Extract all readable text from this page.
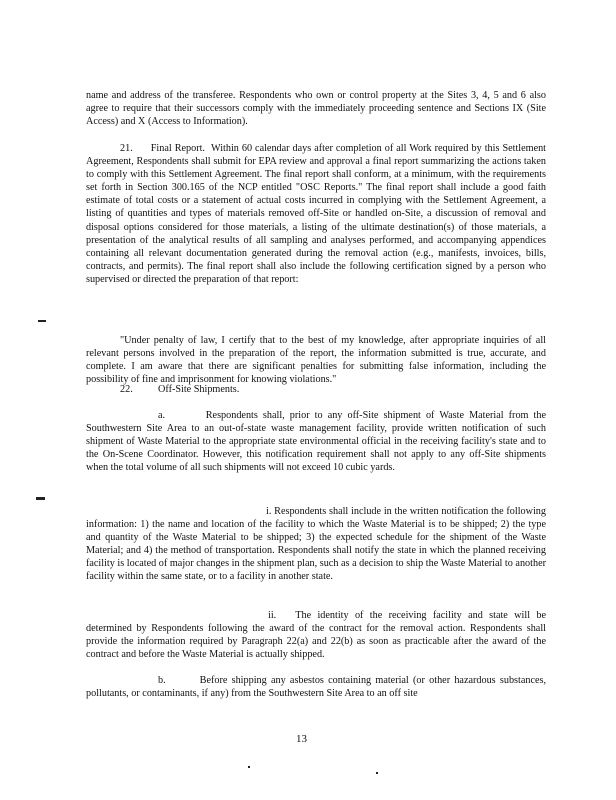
name and address of the transferee. Respondents who own or control property at the Sites 3, 4, 5 and 6 also agree to require that their successors comply with the immediately proceeding sentence and Sections IX (Site Access) and X (Access to Information).

21. Final Report. Within 60 calendar days after completion of all Work required by this Settlement Agreement, Respondents shall submit for EPA review and approval a final report summarizing the actions taken to comply with this Settlement Agreement. The final report shall conform, at a minimum, with the requirements set forth in Section 300.165 of the NCP entitled "OSC Reports." The final report shall include a good faith estimate of total costs or a statement of actual costs incurred in complying with the Settlement Agreement, a listing of quantities and types of materials removed off-Site or handled on-Site, a discussion of removal and disposal options considered for those materials, a listing of the ultimate destination(s) of those materials, a presentation of the analytical results of all sampling and analyses performed, and accompanying appendices containing all relevant documentation generated during the removal action (e.g., manifests, invoices, bills, contracts, and permits). The final report shall also include the following certification signed by a person who supervised or directed the preparation of that report:

"Under penalty of law, I certify that to the best of my knowledge, after appropriate inquiries of all relevant persons involved in the preparation of the report, the information submitted is true, accurate, and complete. I am aware that there are significant penalties for submitting false information, including the possibility of fine and imprisonment for knowing violations."

22. Off-Site Shipments.

a.        Respondents shall, prior to any off-Site shipment of Waste Material from the Southwestern Site Area to an out-of-state waste management facility, provide written notification of such shipment of Waste Material to the appropriate state environmental official in the receiving facility's state and to the On-Scene Coordinator. However, this notification requirement shall not apply to any off-Site shipments when the total volume of all such shipments will not exceed 10 cubic yards.

i. Respondents shall include in the written notification the following information: 1) the name and location of the facility to which the Waste Material is to be shipped; 2) the type and quantity of the Waste Material to be shipped; 3) the expected schedule for the shipment of the Waste Material; and 4) the method of transportation. Respondents shall notify the state in which the planned receiving facility is located of major changes in the shipment plan, such as a decision to ship the Waste Material to another facility within the same state, or to a facility in another state.

ii.   The identity of the receiving facility and state will be determined by Respondents following the award of the contract for the removal action. Respondents shall provide the information required by Paragraph 22(a) and 22(b) as soon as practicable after the award of the contract and before the Waste Material is actually shipped.

b.        Before shipping any asbestos containing material (or other hazardous substances, pollutants, or contaminants, if any) from the Southwestern Site Area to an off site

13
